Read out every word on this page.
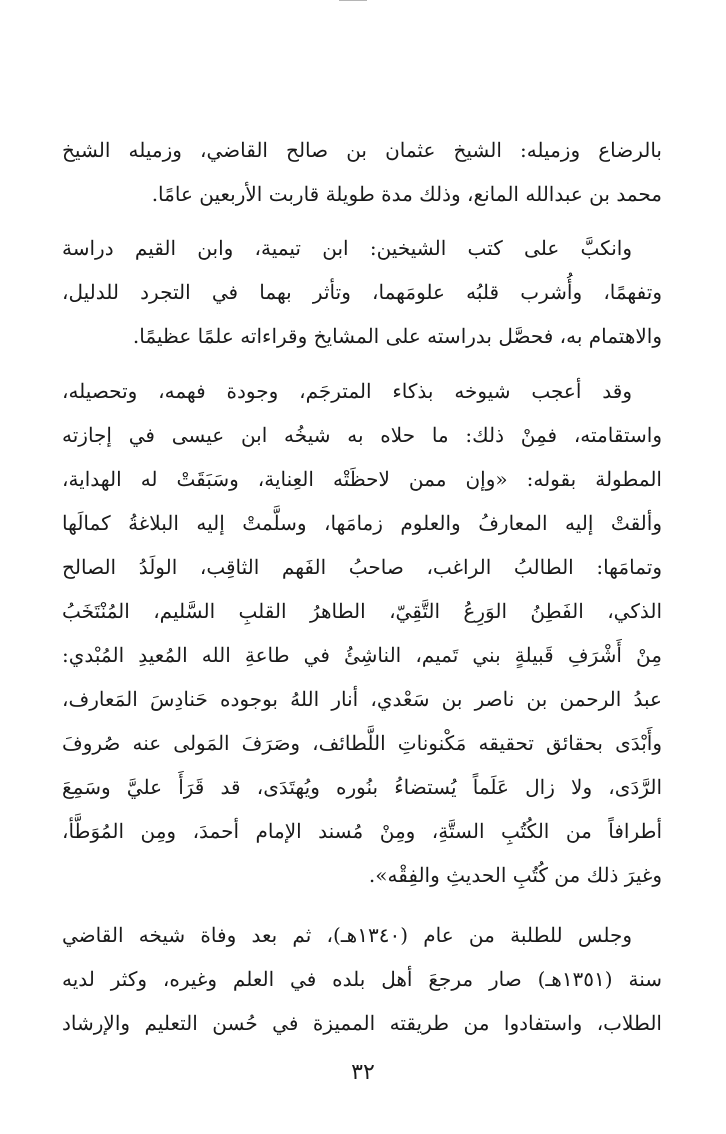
بالرضاع وزميله: الشيخ عثمان بن صالح القاضي، وزميله الشيخ
محمد بن عبدالله المانع، وذلك مدة طويلة قاربت الأربعين عامًا.
وانكبَّ على كتب الشيخين: ابن تيمية، وابن القيم دراسة
وتفهمًا، وأُشرب قلبُه علومَهما، وتأثر بهما في التجرد للدليل،
والاهتمام به، فحصَّل بدراسته على المشايخ وقراءاته علمًا عظيمًا.
وقد أعجب شيوخه بذكاء المترجَم، وجودة فهمه، وتحصيله،
واستقامته، فمِنْ ذلك: ما حلاه به شيخُه ابن عيسى في إجازته
المطولة بقوله: «وإن ممن لاحظَتْه العِناية، وسَبَقَتْ له الهداية،
وألقتْ إليه المعارفُ والعلوم زمامَها، وسلَّمتْ إليه البلاغةُ كمالَها
وتمامَها: الطالبُ الراغب، صاحبُ الفَهم الثاقِب، الولَدُ الصالح
الذكي، الفَطِنُ الوَرِعُ التَّقِيّ، الطاهرُ القلبِ السَّليم، المُنْتَخَبُ
مِنْ أَشْرَفِ قَبيلةٍ بني تَميم، الناشِئُ في طاعةِ الله المُعيدِ المُبْدي:
عبدُ الرحمن بن ناصر بن سَعْدي، أنار اللهُ بوجوده حَنادِسَ المَعارف،
وأَبْدَى بحقائق تحقيقه مَكْنوناتِ اللَّطائف، وصَرَفَ المَولى عنه صُروفَ
الرَّدَى، ولا زال عَلَماً يُستضاءُ بنُوره ويُهتَدَى، قد قَرَأَ عليَّ وسَمِعَ
أطرافاً من الكُتُبِ الستَّةِ، ومِنْ مُسند الإمام أحمدَ، ومِن المُوَطَّأ،
وغيرَ ذلك من كُتُبِ الحديثِ والفِقْه».
وجلس للطلبة من عام (١٣٤٠هـ)، ثم بعد وفاة شيخه القاضي
سنة (١٣٥١هـ) صار مرجعَ أهل بلده في العلم وغيره، وكثر لديه
الطلاب، واستفادوا من طريقته المميزة في حُسن التعليم والإرشاد
٣٢
